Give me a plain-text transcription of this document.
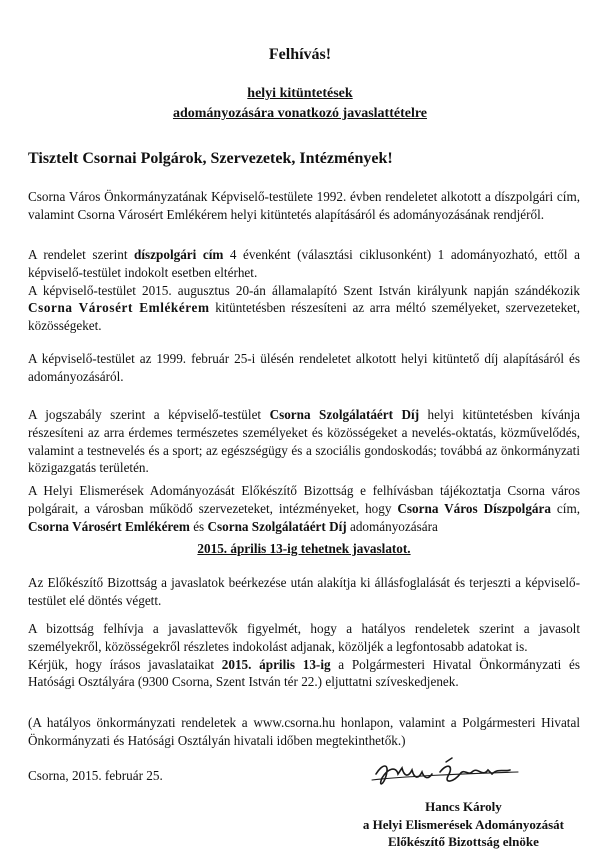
Felhívás!
helyi kitüntetések
adományozására vonatkozó javaslattételre
Tisztelt Csornai Polgárok, Szervezetek, Intézmények!
Csorna Város Önkormányzatának Képviselő-testülete 1992. évben rendeletet alkotott a díszpolgári cím, valamint Csorna Városért Emlékérem helyi kitüntetés alapításáról és adományozásának rendjéről.
A rendelet szerint díszpolgári cím 4 évenként (választási ciklusonként) 1 adományozható, ettől a képviselő-testület indokolt esetben eltérhet.
A képviselő-testület 2015. augusztus 20-án államalapító Szent István királyunk napján szándékozik Csorna Városért Emlékérem kitüntetésben részesíteni az arra méltó személyeket, szervezeteket, közösségeket.
A képviselő-testület az 1999. február 25-i ülésén rendeletet alkotott helyi kitüntető díj alapításáról és adományozásáról.
A jogszabály szerint a képviselő-testület Csorna Szolgálatáért Díj helyi kitüntetésben kívánja részesíteni az arra érdemes természetes személyeket és közösségeket a nevelés-oktatás, közművelődés, valamint a testnevelés és a sport; az egészségügy és a szociális gondoskodás; továbbá az önkormányzati közigazgatás területén.
A Helyi Elismerések Adományozását Előkészítő Bizottság e felhívásban tájékoztatja Csorna város polgárait, a városban működő szervezeteket, intézményeket, hogy Csorna Város Díszpolgára cím, Csorna Városért Emlékérem és Csorna Szolgálatáért Díj adományozására
2015. április 13-ig tehetnek javaslatot.
Az Előkészítő Bizottság a javaslatok beérkezése után alakítja ki állásfoglalását és terjeszti a képviselő-testület elé döntés végett.
A bizottság felhívja a javaslattevők figyelmét, hogy a hatályos rendeletek szerint a javasolt személyekről, közösségekről részletes indokolást adjanak, közöljék a legfontosabb adatokat is.
Kérjük, hogy írásos javaslataikat 2015. április 13-ig a Polgármesteri Hivatal Önkormányzati és Hatósági Osztályára (9300 Csorna, Szent István tér 22.) eljuttatni szíveskedjenek.
(A hatályos önkormányzati rendeletek a www.csorna.hu honlapon, valamint a Polgármesteri Hivatal Önkormányzati és Hatósági Osztályán hivatali időben megtekinthetők.)
Csorna, 2015. február 25.
Hancs Károly
a Helyi Elismerések Adományozását
Előkészítő Bizottság elnöke
